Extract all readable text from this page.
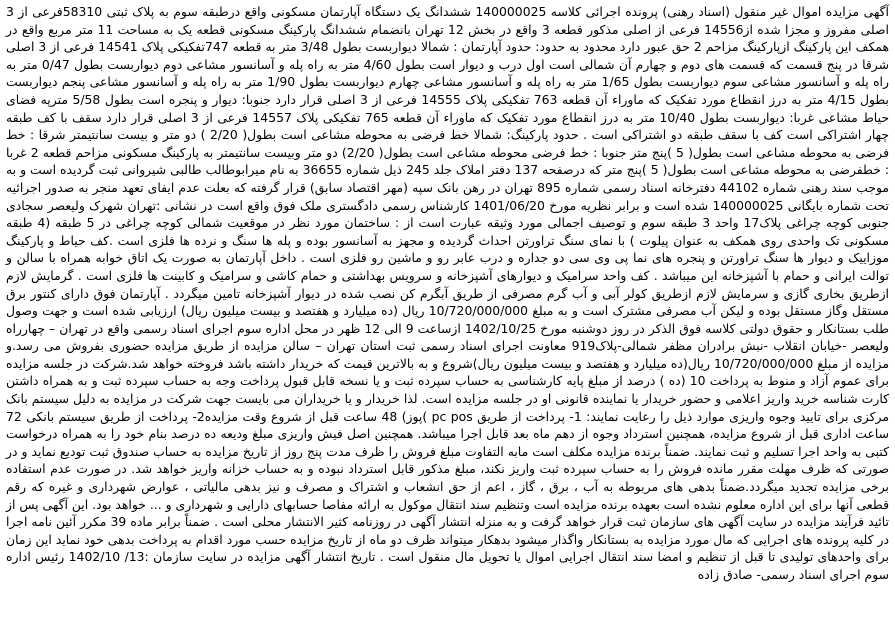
آگهی مزایده اموال غیر منقول (اسناد رهنی) پرونده اجرائی کلاسه 140000025 ششدانگ یک دستگاه آپارتمان مسکونی واقع درطبقه سوم به پلاک ثبتی 58310فرعی از 3 اصلی مفروز و مجزا شده از14556 فرعی از اصلی مذکور قطعه 3 واقع در بخش 12 تهران بانضمام ششدانگ پارکینگ مسکونی قطعه یک به مساحت 11 متر مربع واقع در همکف این پارکینگ ازپارکینگ مزاحم 2 حق عبور دارد محدود به حدود: حدود آپارتمان : شمالا دیواربست بطول 3/48 متر به قطعه 747تفکیکی پلاک 14541 فرعی از 3 اصلی شرقا در پنج قسمت که قسمت های دوم و چهارم آن شمالی است اول درب و دیوار است بطول 4/60 متر به راه پله و آسانسور مشاعی دوم دیواربست بطول 0/47 متر به راه پله و آسانسور مشاعی سوم دیواربست بطول 1/65 متر به راه پله و آسانسور مشاعی چهارم دیواربست بطول 1/90 متر به راه پله و آسانسور مشاعی پنجم دیواربست بطول 4/15 متر به درز انقطاع مورد تفکیک که ماوراء آن قطعه 763 تفکیکی پلاک 14555 فرعی از 3 اصلی قرار دارد جنوبا: دیوار و پنجره است بطول 5/58 مترپه فضای حیاط مشاعی غربا: دیواربست بطول 10/40 متر به درز انقطاع مورد تفکیک که ماوراء آن قطعه 765 تفکیکی پلاک 14557 فرعی از 3 اصلی قرار دارد سقف با کف طبقه چهار اشتراکی است کف با سقف طبقه دو اشتراکی است . حدود پارکینگ: شمالا خط فرضی به محوطه مشاعی است بطول( 2/20 ) دو متر و بیست سانتیمتر شرقا : خط فرضی به محوطه مشاعی است بطول( 5 )پنج متر جنوبا : خط فرضی محوطه مشاعی است بطول( 2/20) دو متر وبیست سانتیمتر به پارکینگ مسکونی مزاحم قطعه 2 غربا : خطفرضی به محوطه مشاعی است بطول( 5 )پنج متر که درصفحه 137 دفتر املاک جلد 245 ذیل شماره 36655 به نام میرابوطالب طالبی شیروانی ثبت گردیده است و به موجب سند رهنی شماره 44102 دفترخانه اسناد رسمی شماره 895 تهران در رهن بانک سپه (مهر اقتصاد سابق) قرار گرفته که بعلت عدم ایفای تعهد منجر به صدور اجرائیه تحت شماره بایگانی 140000025 شده است و برابر نظریه مورخ 1401/06/20 کارشناس رسمی دادگستری ملک فوق واقع است در نشانی :تهران شهرک ولیعصر سجادی جنوبی کوچه چراغی پلاک17 واحد 3 طبقه سوم و توصیف اجمالی مورد وثیقه عبارت است از : ساختمان مورد نظر در موقعیت شمالی کوچه چراغی در 5 طبقه (4 طبقه مسکونی تک واحدی روی همکف به عنوان پیلوت ) با نمای سنگ تراورتن احداث گردیده و مجهز به آسانسور بوده و پله ها سنگ و نرده ها فلزی است .کف حیاط و پارکینگ موزاییک و دیوار ها سنگ تراورتن و پنجره های نما پی وی سی دو جداره و درب عابر رو و ماشین رو فلزی است . داخل آپارتمان به صورت یک اتاق خوابه همراه با سالن و توالت ایرانی و حمام با آشپزخانه این میباشد . کف واحد سرامیک و دیوارهای آشپزخانه و سرویس بهداشتی و حمام کاشی و سرامیک و کابینت ها فلزی است . گرمایش لازم ازطریق بخاری گازی و سرمایش لازم ازطریق کولر آبی و آب گرم مصرفی از طریق آبگرم کن نصب شده در دیوار آشپزخانه تامین میگردد . آپارتمان فوق دارای کنتور برق مستقل وگاز مستقل بوده و لیکن آب مصرفی مشترک است و به مبلغ 10/720/000/000 ریال (ده میلیارد و هفتصد و بیست میلیون ریال) ارزیابی شده است و جهت وصول طلب بستانکار و حقوق دولتی کلاسه فوق الذکر در روز دوشنبه مورخ 1402/10/25 ازساعت 9 الی 12 ظهر در محل اداره سوم اجرای اسناد رسمی واقع در تهران – چهارراه ولیعصر -خیابان انقلاب -نبش برادران مظفر شمالی-پلاک919 معاونت اجرای اسناد رسمی ثبت استان تهران – سالن مزایده از طریق مزایده حضوری بفروش می رسد.و مزایده از مبلغ 10/720/000/000 ریال(ده میلیارد و هفتصد و بیست میلیون ریال)شروع و به بالاترین قیمت که خریدار داشته باشد فروخته خواهد شد.شرکت در جلسه مزایده برای عموم آزاد و منوط به پرداخت 10 (ده ) درصد از مبلغ پایه کارشناسی به حساب سپرده ثبت و یا نسخه قابل قبول پرداخت وجه به حساب سپرده ثبت و به همراه داشتن کارت شناسه خرید واریز اعلامی و حضور خریدار یا نماینده قانونی او در جلسه مزایده است. لذا خریدار و یا خریداران می بایست جهت شرکت در مزایده به دلیل سیستم بانک مرکزی برای تایید وجوه واریزی موارد ذیل را رعایت نمایند: 1- پرداخت از طریق pc pos )پوز) 48 ساعت قبل از شروع وقت مزایده2- پرداخت از طریق سیستم بانکی 72 ساعت اداری قبل از شروع مزایده، همچنین استرداد وجوه از دهم ماه بعد قابل اجرا میباشد. همچنین اصل فیش واریزی مبلغ ودیعه ده درصد بنام خود را به همراه درخواست کتبی به واحد اجرا تسلیم و ثبت نمایند. ضمناً برنده مزایده مکلف است مابه التفاوت مبلغ فروش را ظرف مدت پنج روز از تاریخ مزایده به حساب صندوق ثبت تودیع نماید و در صورتی که ظرف مهلت مقرر مانده فروش را به حساب سپرده ثبت واریز نکند، مبلغ مذکور قابل استرداد نبوده و به حساب خزانه واریز خواهد شد. در صورت عدم استفاده برخی مزایده تجدید میگردد.ضمناً بدهی های مربوطه به آب ، برق ، گاز ، اعم از حق انشعاب و اشتراک و مصرف و نیز بدهی مالیاتی ، عوارض شهرداری و غیره که رقم قطعی آنها برای این اداره معلوم نشده است بعهده برنده مزایده است وتنظیم سند انتقال موکول به ارائه مفاصا حسابهای دارایی و شهرداری و ... خواهد بود. این آگهی پس از تائید فرآیند مزایده در سایت آگهی های سازمان ثبت قرار خواهد گرفت و به منزله انتشار آگهی در روزنامه کثیر الانتشار محلی است . ضمناً برابر ماده 39 مکرر آئین نامه اجرا در کلیه پرونده های اجرایی که مال مورد مزایده به بستانکار واگذار میشود بدهکار میتواند ظرف دو ماه از تاریخ مزایده حسب مورد اقدام به پرداخت بدهی خود نماید این زمان برای واحدهای تولیدی تا قبل از تنظیم و امضا سند انتقال اجرایی اموال یا تحویل مال منقول است . تاریخ انتشار آگهی مزایده در سایت سازمان :13/ 1402/10 رئیس اداره سوم اجرای اسناد رسمی- صادق زاده
